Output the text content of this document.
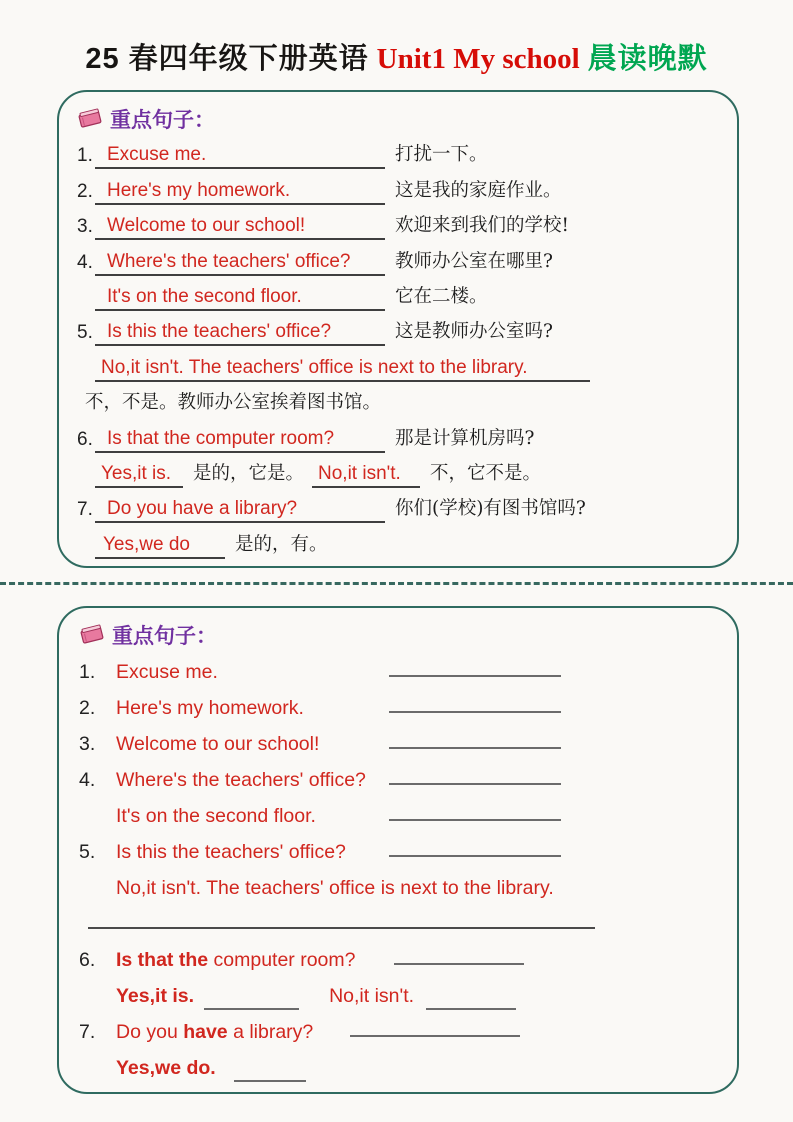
25 春四年级下册英语 Unit1 My school 晨读晚默
重点句子：
1. Excuse me.	打扰一下。
2. Here's my homework.	这是我的家庭作业。
3. Welcome to our school!	欢迎来到我们的学校!
4. Where's the teachers' office?	教师办公室在哪里?
It's on the second floor.	它在二楼。
5. Is this the teachers' office?	这是教师办公室吗?
No,it isn't. The teachers' office is next to the library.
不，不是。教师办公室挨着图书馆。
6. Is that the computer room?	那是计算机房吗?
Yes,it is.	是的，它是。 No,it isn't.	不，它不是。
7. Do you have a library?	你们(学校)有图书馆吗?
Yes,we do	是的，有。
重点句子：
1.	Excuse me.
2.	Here's my homework.
3.	Welcome to our school!
4.	Where's the teachers' office?
It's on the second floor.
5.	Is this the teachers' office?
No,it isn't. The teachers' office is next to the library.
6.	Is that the computer room?
Yes,it is.	No,it isn't.
7.	Do you have a library?
Yes,we do.
